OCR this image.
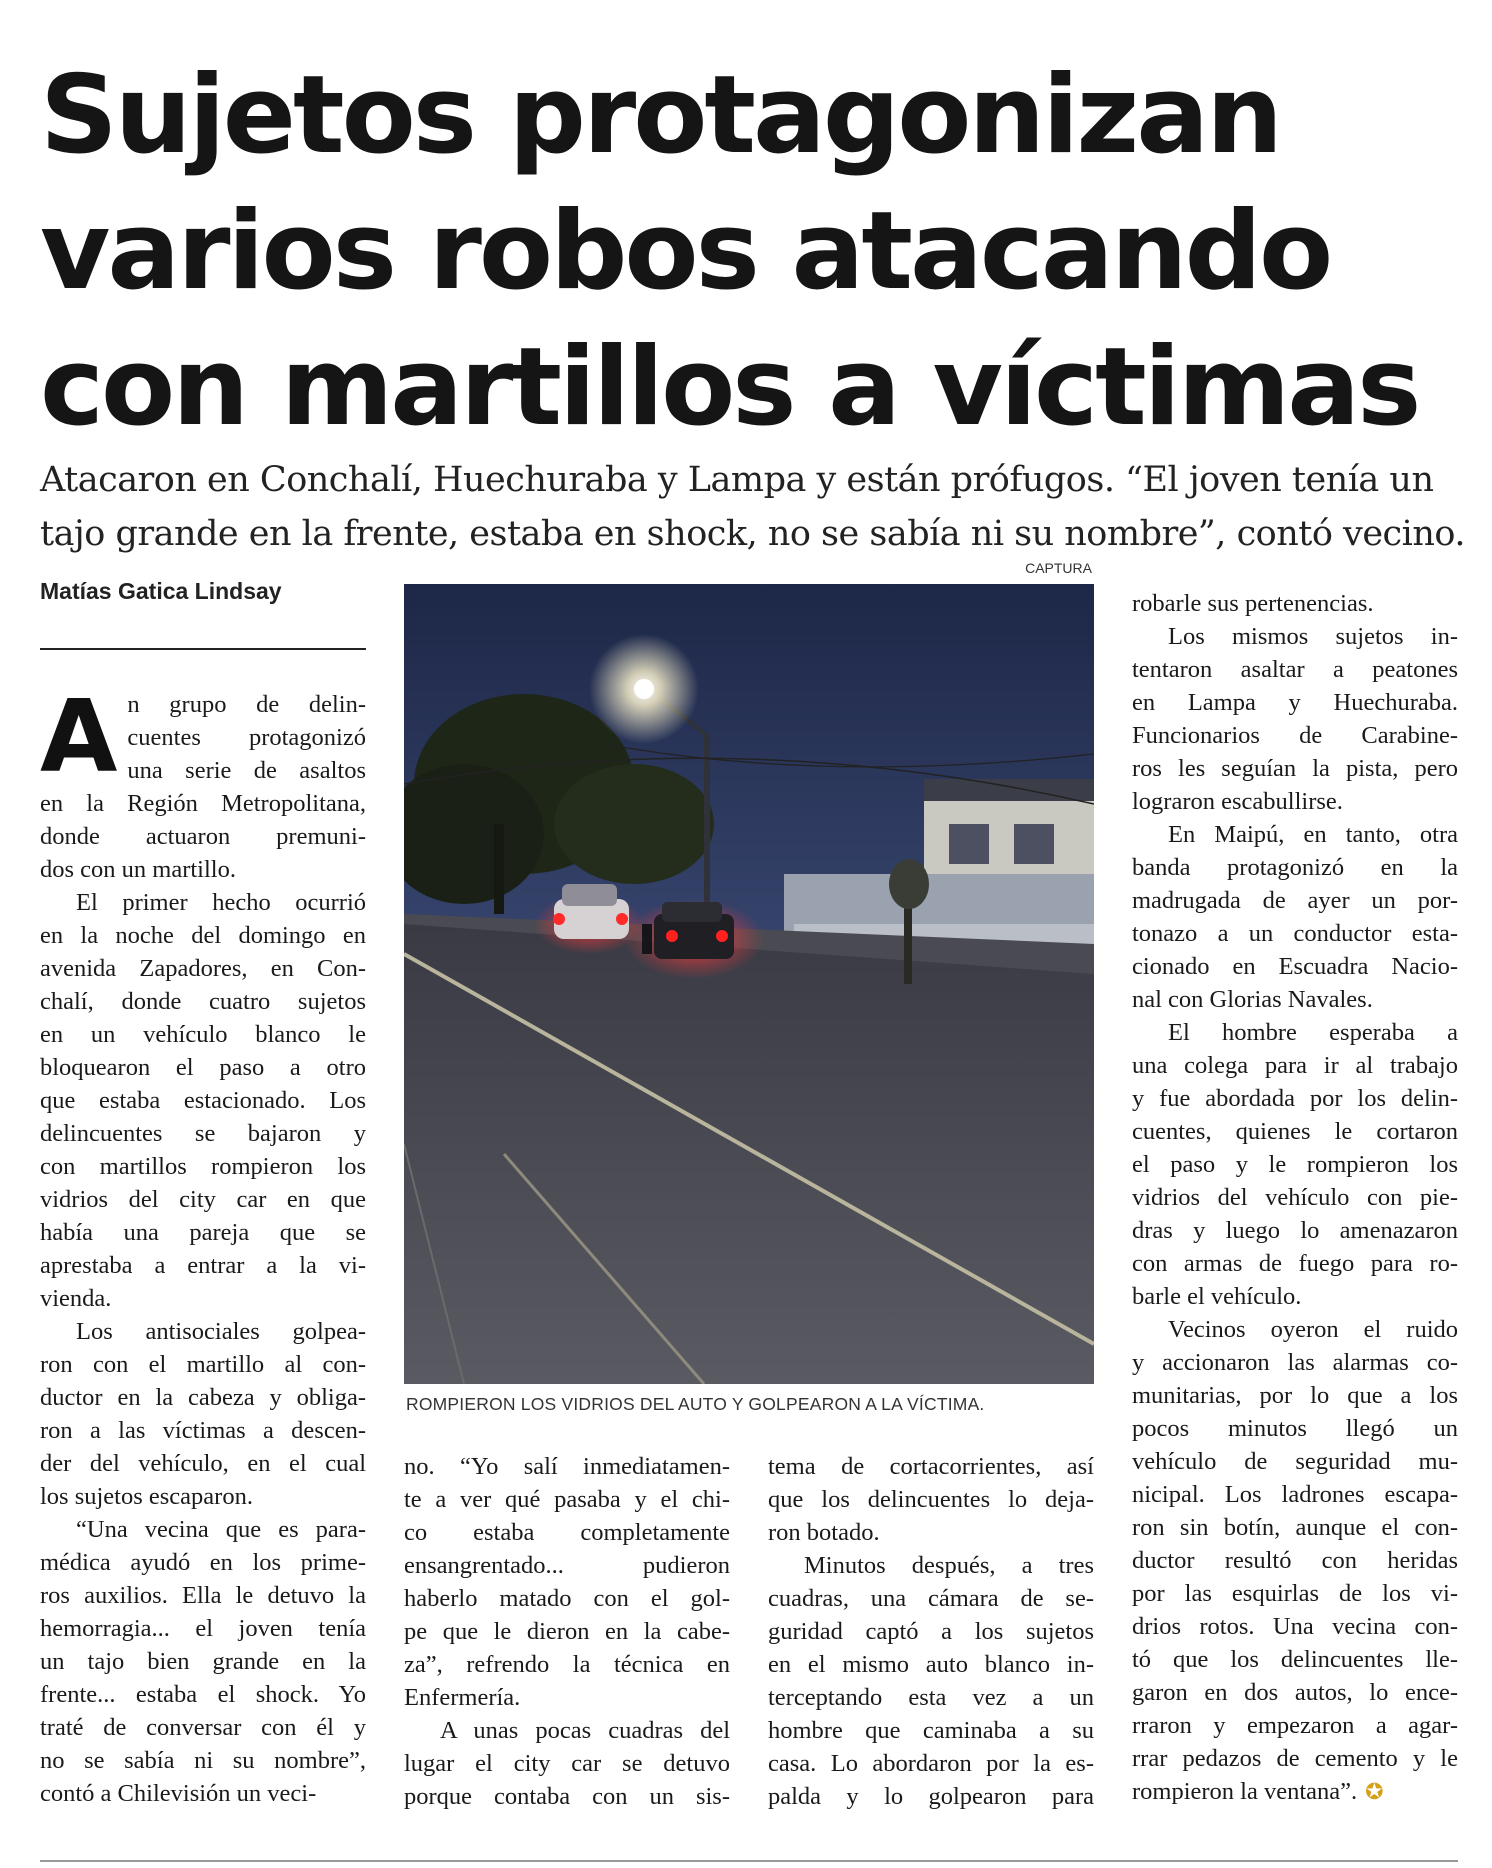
Sujetos protagonizan
varios robos atacando
con martillos a víctimas
Atacaron en Conchalí, Huechuraba y Lampa y están prófugos. “El joven tenía un
tajo grande en la frente, estaba en shock, no se sabía ni su nombre”, contó vecino.
Matías Gatica Lindsay
A n grupo de delin-
cuentes protagonizó
una serie de asaltos
en la Región Metropolitana,
donde actuaron premuni-
dos con un martillo.
El primer hecho ocurrió
en la noche del domingo en
avenida Zapadores, en Con-
chalí, donde cuatro sujetos
en un vehículo blanco le
bloquearon el paso a otro
que estaba estacionado. Los
delincuentes se bajaron y
con martillos rompieron los
vidrios del city car en que
había una pareja que se
aprestaba a entrar a la vi-
vienda.
Los antisociales golpea-
ron con el martillo al con-
ductor en la cabeza y obliga-
ron a las víctimas a descen-
der del vehículo, en el cual
los sujetos escaparon.
“Una vecina que es para-
médica ayudó en los prime-
ros auxilios. Ella le detuvo la
hemorragia... el joven tenía
un tajo bien grande en la
frente... estaba el shock. Yo
traté de conversar con él y
no se sabía ni su nombre”,
contó a Chilevisión un veci-
CAPTURA
ROMPIERON LOS VIDRIOS DEL AUTO Y GOLPEARON A LA VÍCTIMA.
no. “Yo salí inmediatamen-
te a ver qué pasaba y el chi-
co estaba completamente
ensangrentado... pudieron
haberlo matado con el gol-
pe que le dieron en la cabe-
za”, refrendo la técnica en
Enfermería.
A unas pocas cuadras del
lugar el city car se detuvo
porque contaba con un sis-
tema de cortacorrientes, así
que los delincuentes lo deja-
ron botado.
Minutos después, a tres
cuadras, una cámara de se-
guridad captó a los sujetos
en el mismo auto blanco in-
terceptando esta vez a un
hombre que caminaba a su
casa. Lo abordaron por la es-
palda y lo golpearon para
robarle sus pertenencias.
Los mismos sujetos in-
tentaron asaltar a peatones
en Lampa y Huechuraba.
Funcionarios de Carabine-
ros les seguían la pista, pero
lograron escabullirse.
En Maipú, en tanto, otra
banda protagonizó en la
madrugada de ayer un por-
tonazo a un conductor esta-
cionado en Escuadra Nacio-
nal con Glorias Navales.
El hombre esperaba a
una colega para ir al trabajo
y fue abordada por los delin-
cuentes, quienes le cortaron
el paso y le rompieron los
vidrios del vehículo con pie-
dras y luego lo amenazaron
con armas de fuego para ro-
barle el vehículo.
Vecinos oyeron el ruido
y accionaron las alarmas co-
munitarias, por lo que a los
pocos minutos llegó un
vehículo de seguridad mu-
nicipal. Los ladrones escapa-
ron sin botín, aunque el con-
ductor resultó con heridas
por las esquirlas de los vi-
drios rotos. Una vecina con-
tó que los delincuentes lle-
garon en dos autos, lo ence-
rraron y empezaron a agar-
rrar pedazos de cemento y le
rompieron la ventana”. ✪
